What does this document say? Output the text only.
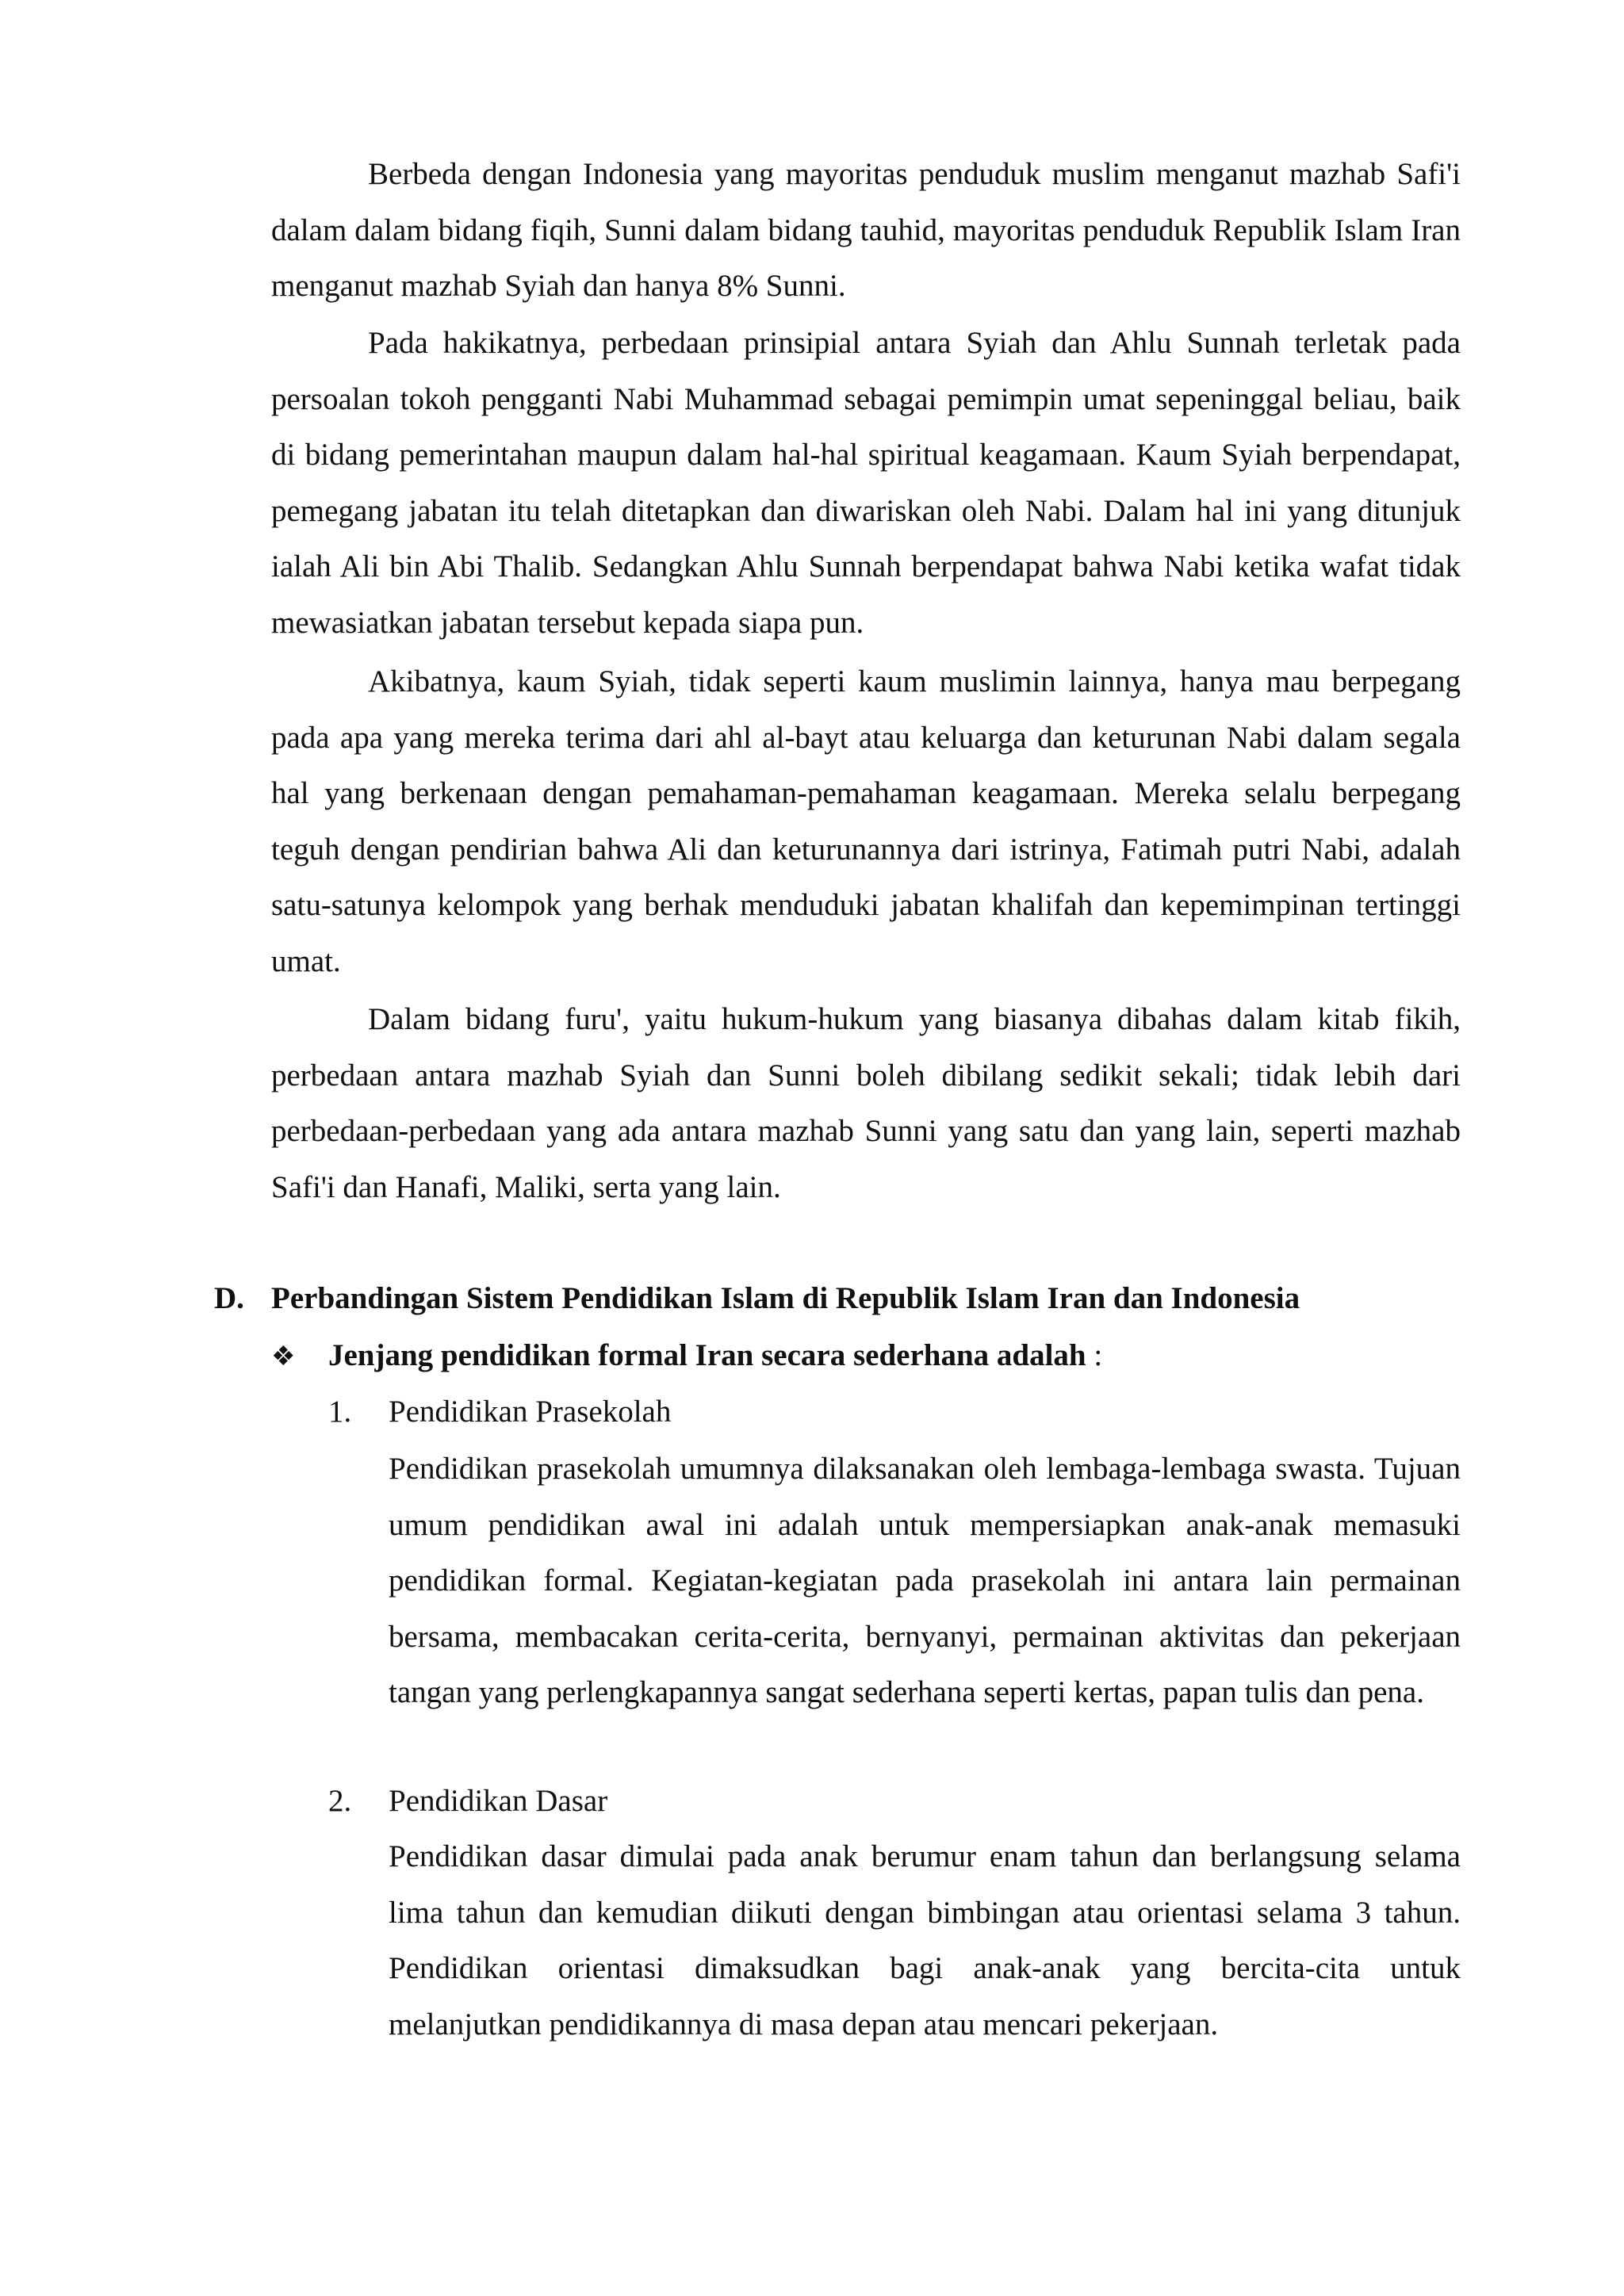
Berbeda dengan Indonesia yang mayoritas penduduk muslim menganut mazhab Safi'i dalam dalam bidang fiqih, Sunni dalam bidang tauhid, mayoritas penduduk Republik Islam Iran menganut mazhab Syiah dan hanya 8% Sunni.

Pada hakikatnya, perbedaan prinsipial antara Syiah dan Ahlu Sunnah terletak pada persoalan tokoh pengganti Nabi Muhammad sebagai pemimpin umat sepeninggal beliau, baik di bidang pemerintahan maupun dalam hal-hal spiritual keagamaan. Kaum Syiah berpendapat, pemegang jabatan itu telah ditetapkan dan diwariskan oleh Nabi. Dalam hal ini yang ditunjuk ialah Ali bin Abi Thalib. Sedangkan Ahlu Sunnah berpendapat bahwa Nabi ketika wafat tidak mewasiatkan jabatan tersebut kepada siapa pun.

Akibatnya, kaum Syiah, tidak seperti kaum muslimin lainnya, hanya mau berpegang pada apa yang mereka terima dari ahl al-bayt atau keluarga dan keturunan Nabi dalam segala hal yang berkenaan dengan pemahaman-pemahaman keagamaan. Mereka selalu berpegang teguh dengan pendirian bahwa Ali dan keturunannya dari istrinya, Fatimah putri Nabi, adalah satu-satunya kelompok yang berhak menduduki jabatan khalifah dan kepemimpinan tertinggi umat.

Dalam bidang furu', yaitu hukum-hukum yang biasanya dibahas dalam kitab fikih, perbedaan antara mazhab Syiah dan Sunni boleh dibilang sedikit sekali; tidak lebih dari perbedaan-perbedaan yang ada antara mazhab Sunni yang satu dan yang lain, seperti mazhab Safi'i dan Hanafi, Maliki, serta yang lain.

D. Perbandingan Sistem Pendidikan Islam di Republik Islam Iran dan Indonesia
❖ Jenjang pendidikan formal Iran secara sederhana adalah :
1. Pendidikan Prasekolah

Pendidikan prasekolah umumnya dilaksanakan oleh lembaga-lembaga swasta. Tujuan umum pendidikan awal ini adalah untuk mempersiapkan anak-anak memasuki pendidikan formal. Kegiatan-kegiatan pada prasekolah ini antara lain permainan bersama, membacakan cerita-cerita, bernyanyi, permainan aktivitas dan pekerjaan tangan yang perlengkapannya sangat sederhana seperti kertas, papan tulis dan pena.

2. Pendidikan Dasar

Pendidikan dasar dimulai pada anak berumur enam tahun dan berlangsung selama lima tahun dan kemudian diikuti dengan bimbingan atau orientasi selama 3 tahun. Pendidikan orientasi dimaksudkan bagi anak-anak yang bercita-cita untuk melanjutkan pendidikannya di masa depan atau mencari pekerjaan.
